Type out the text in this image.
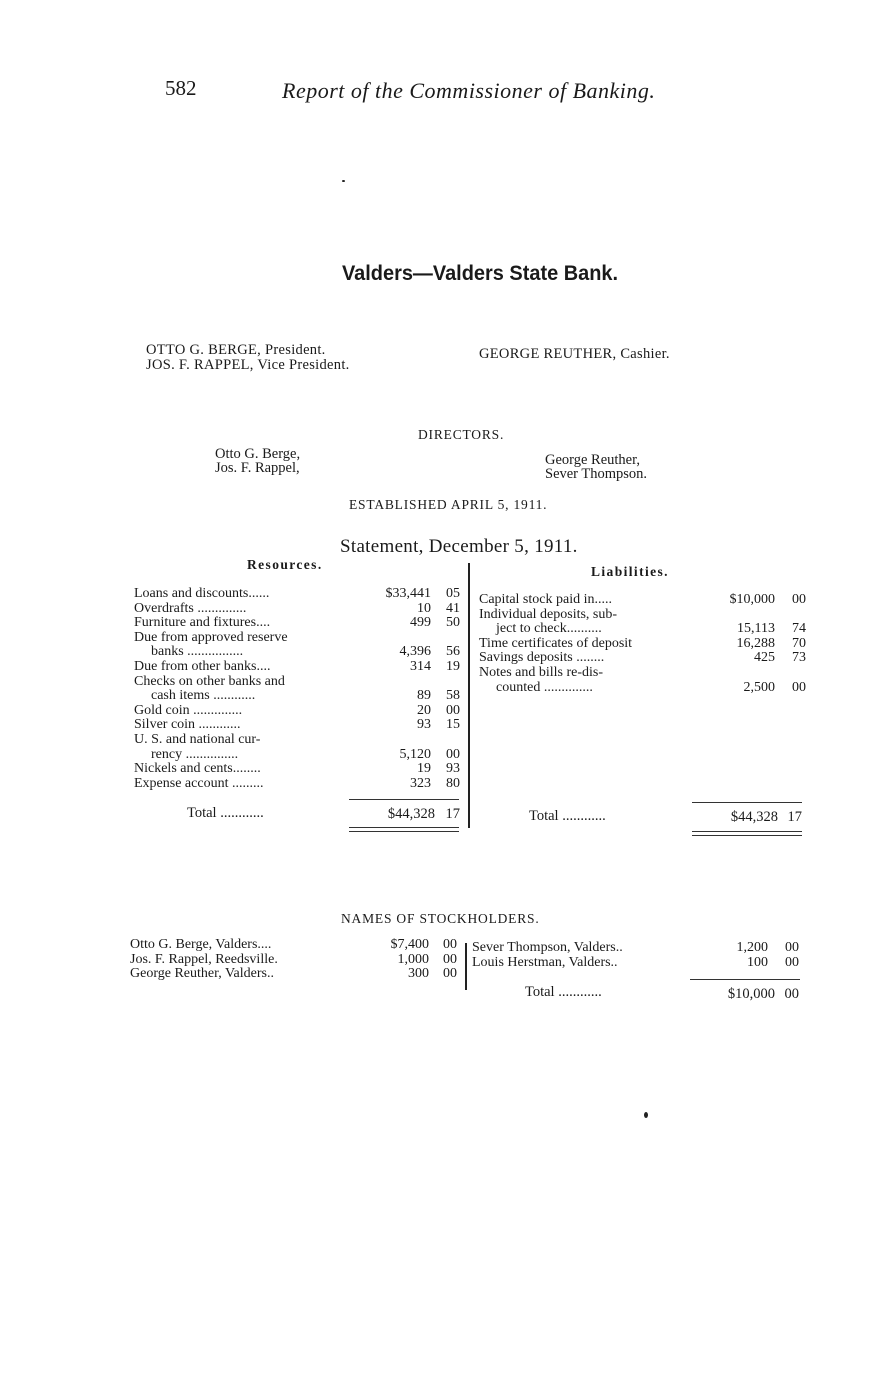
582	Report of the Commissioner of Banking.
Valders—Valders State Bank.
OTTO G. BERGE, President.
JOS. F. RAPPEL, Vice President.
GEORGE REUTHER, Cashier.
DIRECTORS.
Otto G. Berge,
Jos. F. Rappel,	George Reuther,
Sever Thompson.
ESTABLISHED APRIL 5, 1911.
Statement, December 5, 1911.
Resources.	Liabilities.
Loans and discounts......	$33,441 05
Overdrafts ..............	10 41
Furniture and fixtures....	499 50
Due from approved reserve
banks ................	4,396 56
Due from other banks....	314 19
Checks on other banks and
cash items ............	89 58
Gold coin ..............	20 00
Silver coin ............	93 15
U. S. and national cur-
rency ...............	5,120 00
Nickels and cents........	19 93
Expense account .........	323 80
Total ............	$44,328 17
Capital stock paid in.....	$10,000 00
Individual deposits, sub-
ject to check..........	15,113 74
Time certificates of deposit	16,288 70
Savings deposits ........	425 73
Notes and bills re-dis-
counted ..............	2,500 00
Total ............	$44,328 17
NAMES OF STOCKHOLDERS.
Otto G. Berge, Valders....	$7,400 00
Jos. F. Rappel, Reedsville.	1,000 00
George Reuther, Valders..	300 00
Sever Thompson, Valders..	1,200 00
Louis Herstman, Valders..	100 00
Total ............	$10,000 00
